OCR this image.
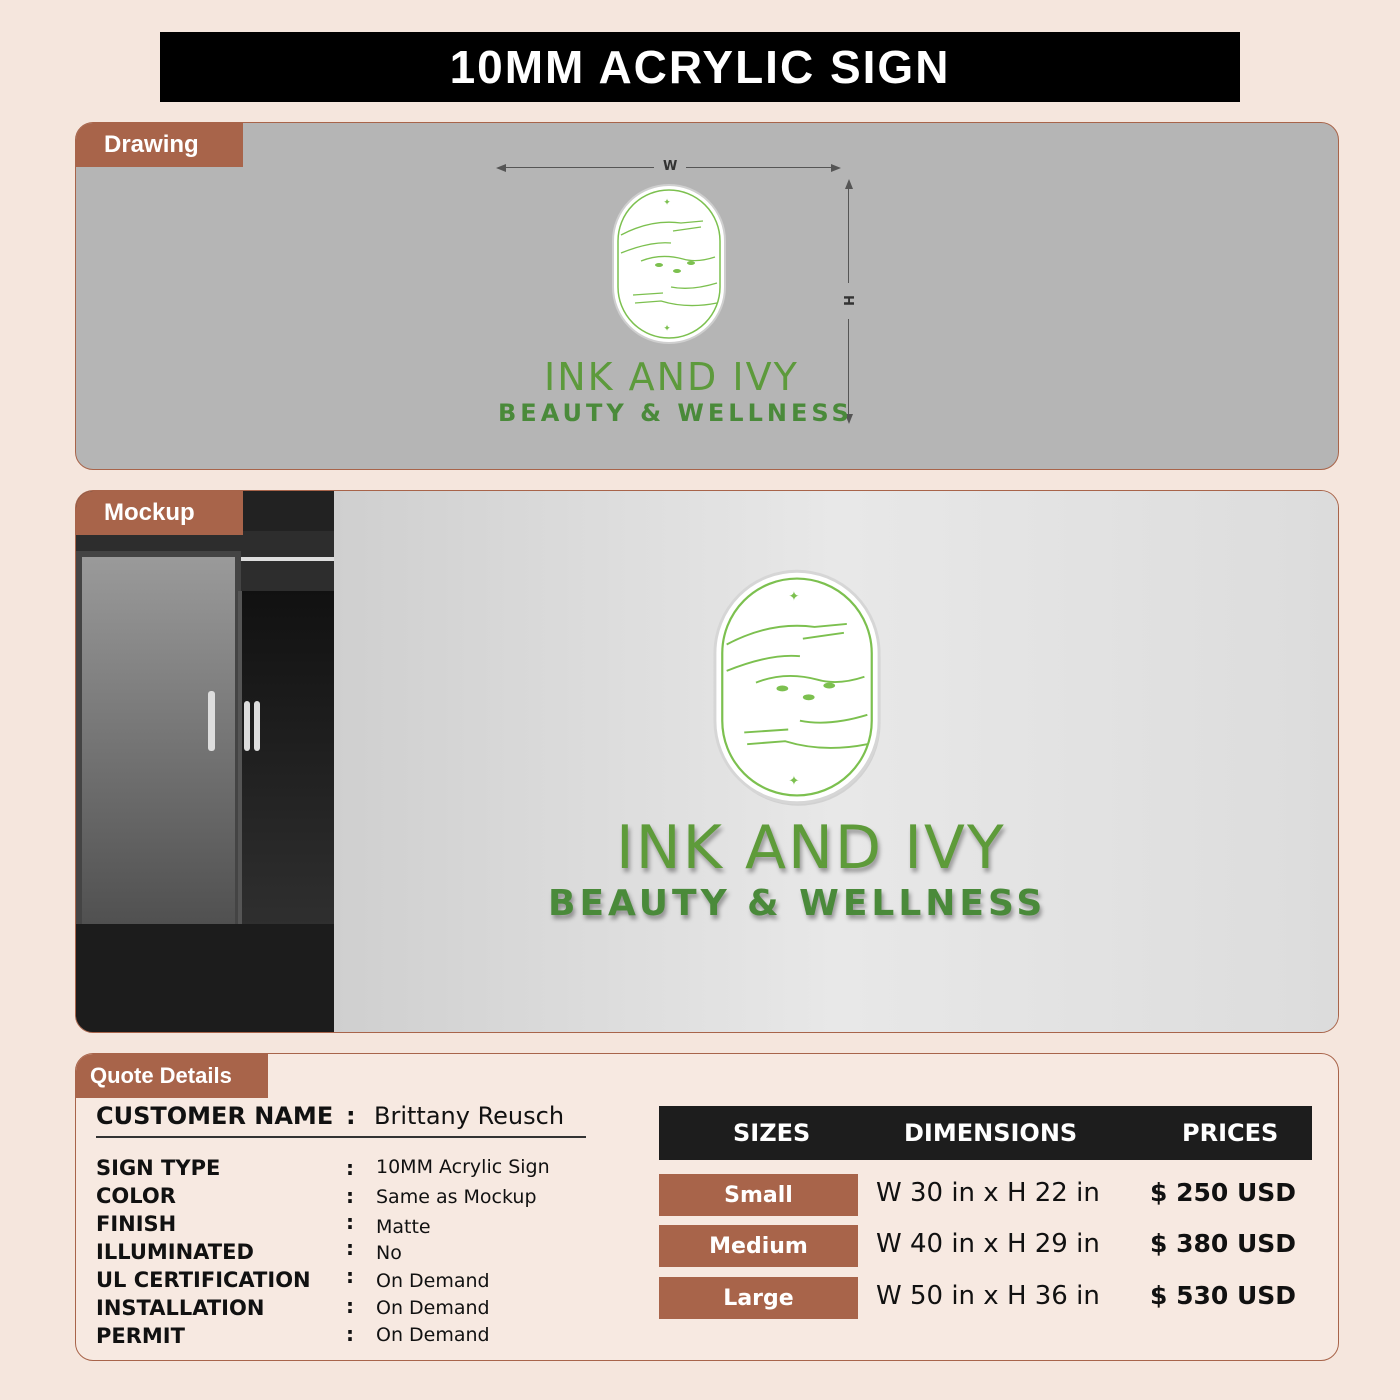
10MM ACRYLIC SIGN
Drawing
W
H
✦
✦
INK AND IVY
BEAUTY & WELLNESS
Mockup
✦
✦
INK AND IVY
BEAUTY & WELLNESS
Quote Details
CUSTOMER NAME : Brittany Reusch
SIGN TYPE	: 10MM Acrylic Sign
COLOR	: Same as Mockup
FINISH	: Matte
ILLUMINATED	: No
UL CERTIFICATION : On Demand
INSTALLATION	: On Demand
PERMIT	: On Demand
SIZES	DIMENSIONS	PRICES
Small	W 30 in x H 22 in $ 250 USD
Medium	W 40 in x H 29 in $ 380 USD
Large	W 50 in x H 36 in $ 530 USD
